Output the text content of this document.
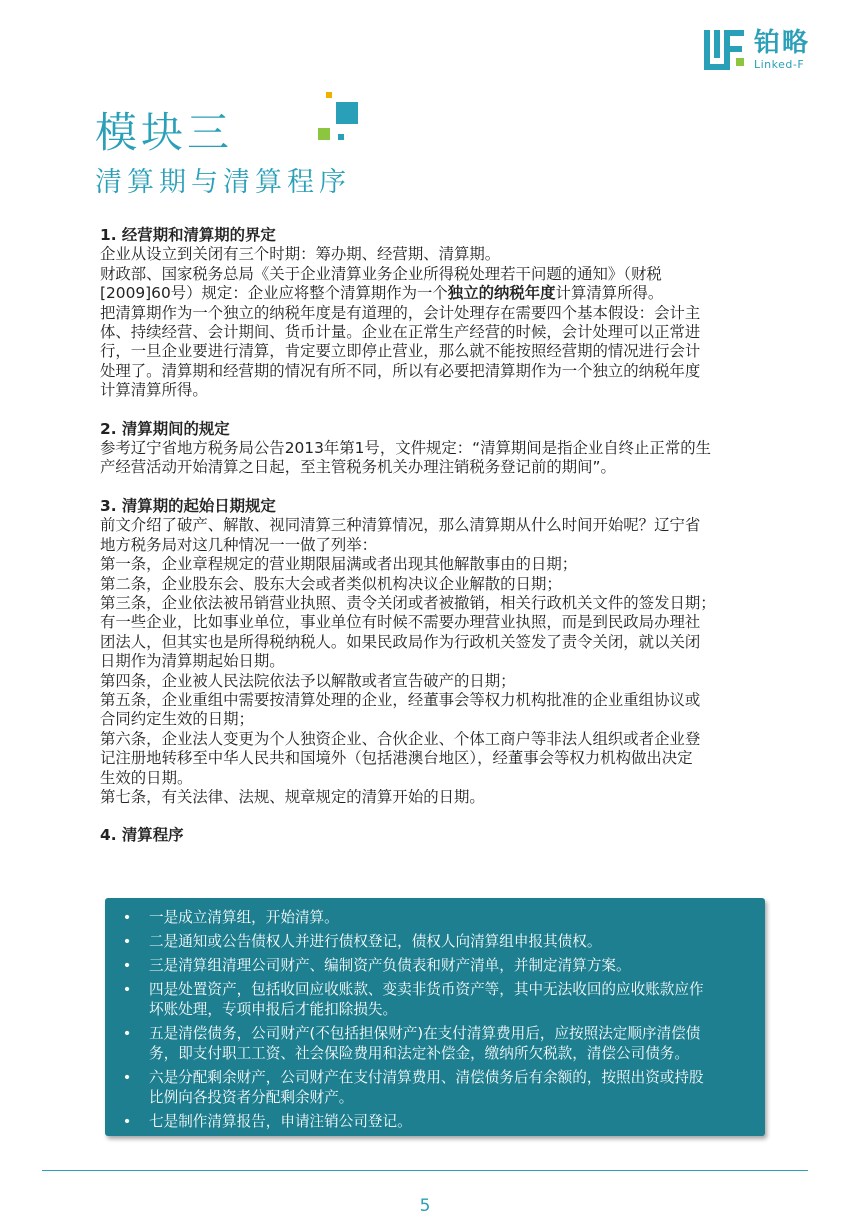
铂略
Linked-F
模块三
清算期与清算程序
1. 经营期和清算期的界定
企业从设立到关闭有三个时期：筹办期、经营期、清算期。
财政部、国家税务总局《关于企业清算业务企业所得税处理若干问题的通知》（财税
[2009]60号）规定：企业应将整个清算期作为一个独立的纳税年度计算清算所得。
把清算期作为一个独立的纳税年度是有道理的，会计处理存在需要四个基本假设：会计主
体、持续经营、会计期间、货币计量。企业在正常生产经营的时候，会计处理可以正常进
行，一旦企业要进行清算，肯定要立即停止营业，那么就不能按照经营期的情况进行会计
处理了。清算期和经营期的情况有所不同，所以有必要把清算期作为一个独立的纳税年度
计算清算所得。
2. 清算期间的规定
参考辽宁省地方税务局公告2013年第1号，文件规定：“清算期间是指企业自终止正常的生
产经营活动开始清算之日起，至主管税务机关办理注销税务登记前的期间”。
3. 清算期的起始日期规定
前文介绍了破产、解散、视同清算三种清算情况，那么清算期从什么时间开始呢？辽宁省
地方税务局对这几种情况一一做了列举：
第一条，企业章程规定的营业期限届满或者出现其他解散事由的日期；
第二条，企业股东会、股东大会或者类似机构决议企业解散的日期；
第三条，企业依法被吊销营业执照、责令关闭或者被撤销，相关行政机关文件的签发日期；
有一些企业，比如事业单位，事业单位有时候不需要办理营业执照，而是到民政局办理社
团法人，但其实也是所得税纳税人。如果民政局作为行政机关签发了责令关闭，就以关闭
日期作为清算期起始日期。
第四条，企业被人民法院依法予以解散或者宣告破产的日期；
第五条，企业重组中需要按清算处理的企业，经董事会等权力机构批准的企业重组协议或
合同约定生效的日期；
第六条，企业法人变更为个人独资企业、合伙企业、个体工商户等非法人组织或者企业登
记注册地转移至中华人民共和国境外（包括港澳台地区），经董事会等权力机构做出决定
生效的日期。
第七条，有关法律、法规、规章规定的清算开始的日期。
4. 清算程序
•	一是成立清算组，开始清算。
•	二是通知或公告债权人并进行债权登记，债权人向清算组申报其债权。
•	三是清算组清理公司财产、编制资产负债表和财产清单，并制定清算方案。
•	四是处置资产，包括收回应收账款、变卖非货币资产等，其中无法收回的应收账款应作
坏账处理，专项申报后才能扣除损失。
•	五是清偿债务，公司财产(不包括担保财产)在支付清算费用后，应按照法定顺序清偿债
务，即支付职工工资、社会保险费用和法定补偿金，缴纳所欠税款，清偿公司债务。
•	六是分配剩余财产，公司财产在支付清算费用、清偿债务后有余额的，按照出资或持股
比例向各投资者分配剩余财产。
•	七是制作清算报告，申请注销公司登记。
5
